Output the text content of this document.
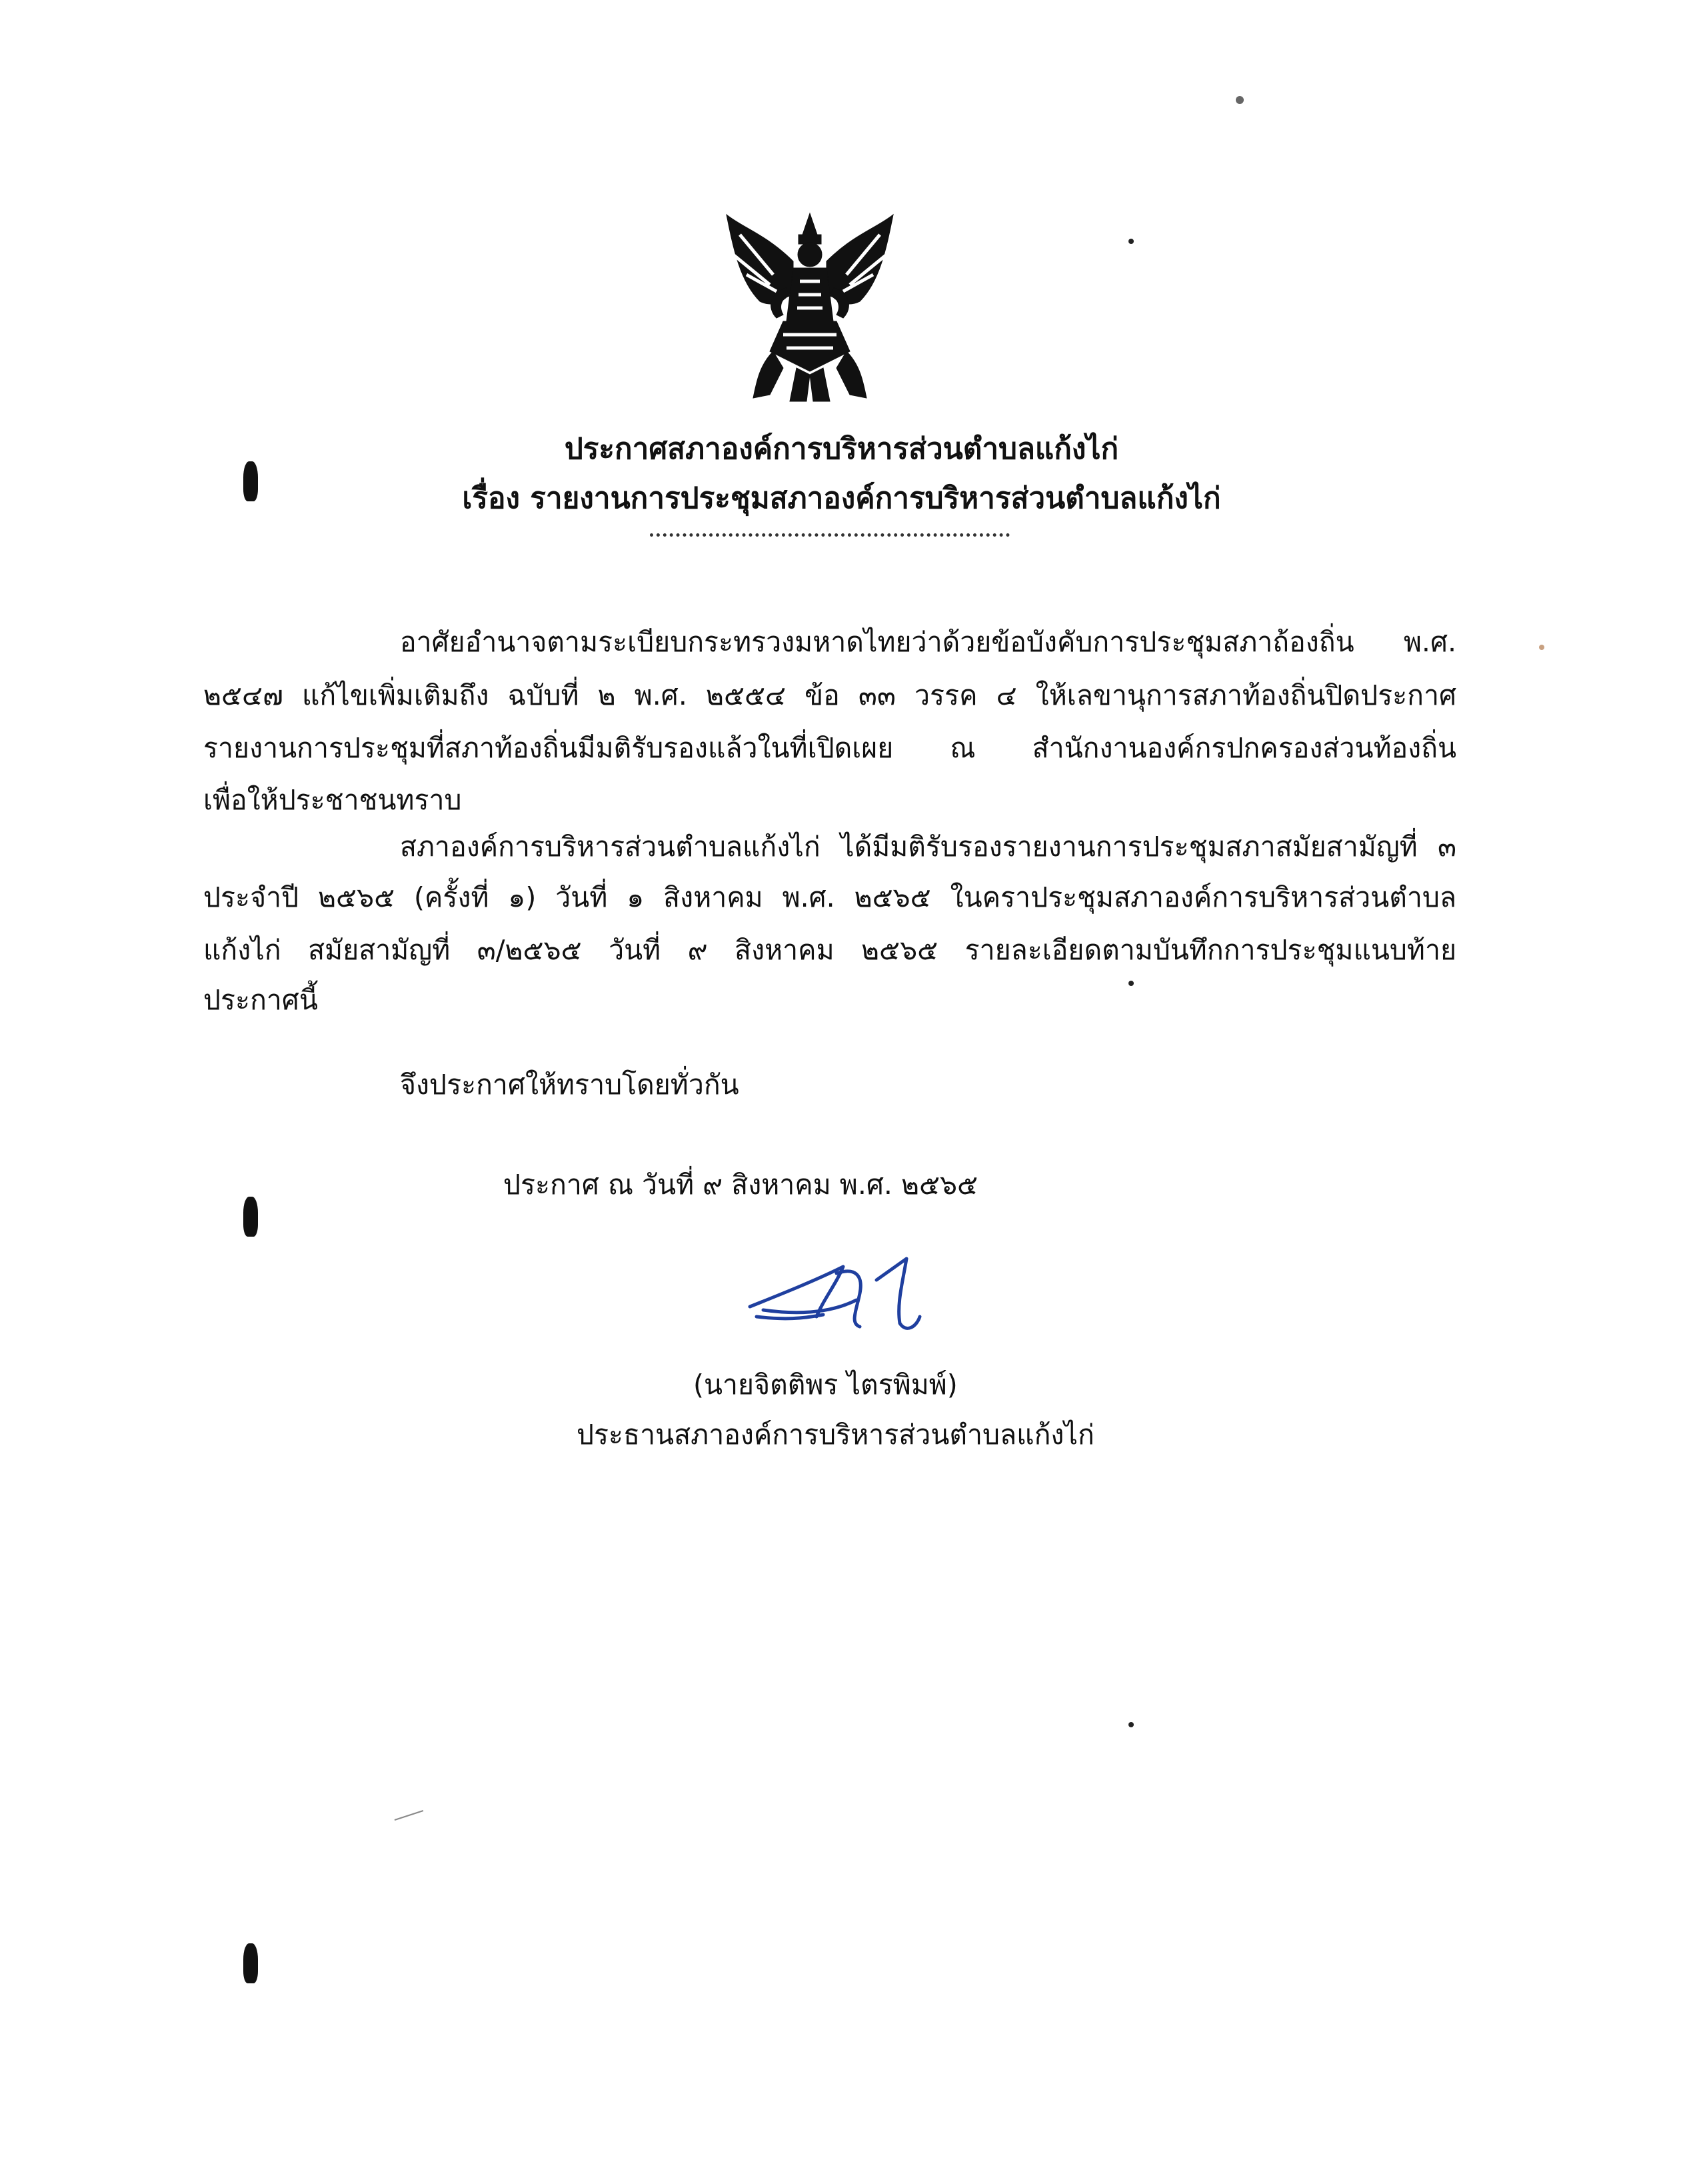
ประกาศสภาองค์การบริหารส่วนตำบลแก้งไก่
เรื่อง รายงานการประชุมสภาองค์การบริหารส่วนตำบลแก้งไก่
อาศัยอำนาจตามระเบียบกระทรวงมหาดไทยว่าด้วยข้อบังคับการประชุมสภาถ้องถิ่น พ.ศ.
๒๕๔๗ แก้ไขเพิ่มเติมถึง ฉบับที่ ๒ พ.ศ. ๒๕๕๔ ข้อ ๓๓ วรรค ๔ ให้เลขานุการสภาท้องถิ่นปิดประกาศ
รายงานการประชุมที่สภาท้องถิ่นมีมติรับรองแล้วในที่เปิดเผย ณ สำนักงานองค์กรปกครองส่วนท้องถิ่น
เพื่อให้ประชาชนทราบ
สภาองค์การบริหารส่วนตำบลแก้งไก่ ได้มีมติรับรองรายงานการประชุมสภาสมัยสามัญที่ ๓
ประจำปี ๒๕๖๕ (ครั้งที่ ๑) วันที่ ๑ สิงหาคม พ.ศ. ๒๕๖๕ ในคราประชุมสภาองค์การบริหารส่วนตำบล
แก้งไก่ สมัยสามัญที่ ๓/๒๕๖๕ วันที่ ๙ สิงหาคม ๒๕๖๕ รายละเอียดตามบันทึกการประชุมแนบท้าย
ประกาศนี้
จึงประกาศให้ทราบโดยทั่วกัน
ประกาศ ณ วันที่ ๙ สิงหาคม พ.ศ. ๒๕๖๕
(นายจิตติพร ไตรพิมพ์)
ประธานสภาองค์การบริหารส่วนตำบลแก้งไก่
